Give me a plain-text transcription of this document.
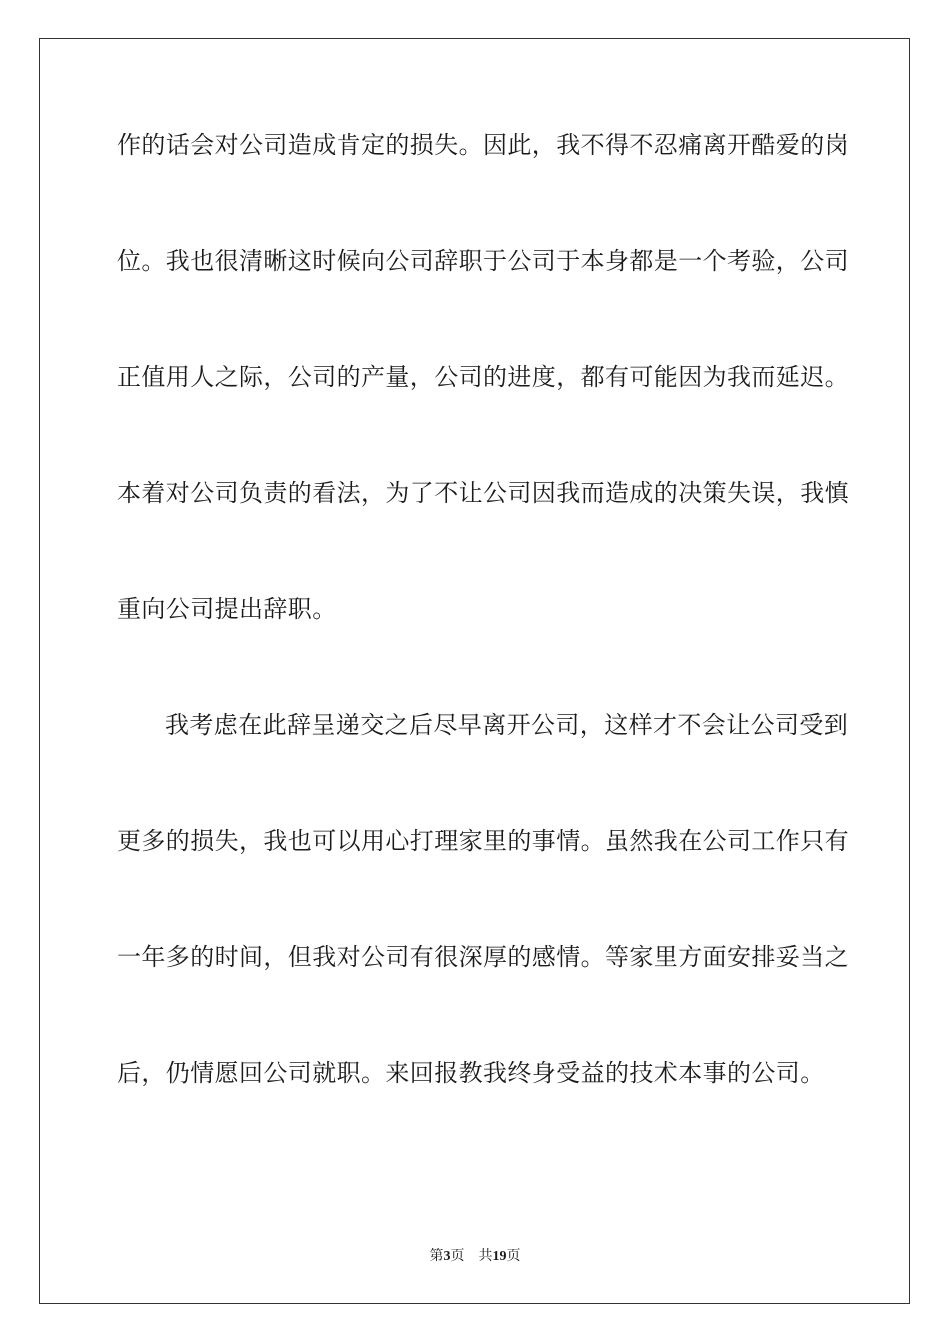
作的话会对公司造成肯定的损失。因此，我不得不忍痛离开酷爱的岗

位。我也很清晰这时候向公司辞职于公司于本身都是一个考验，公司

正值用人之际，公司的产量，公司的进度，都有可能因为我而延迟。

本着对公司负责的看法，为了不让公司因我而造成的决策失误，我慎

重向公司提出辞职。

我考虑在此辞呈递交之后尽早离开公司，这样才不会让公司受到

更多的损失，我也可以用心打理家里的事情。虽然我在公司工作只有

一年多的时间，但我对公司有很深厚的感情。等家里方面安排妥当之

后，仍情愿回公司就职。来回报教我终身受益的技术本事的公司。

第3页 共19页
